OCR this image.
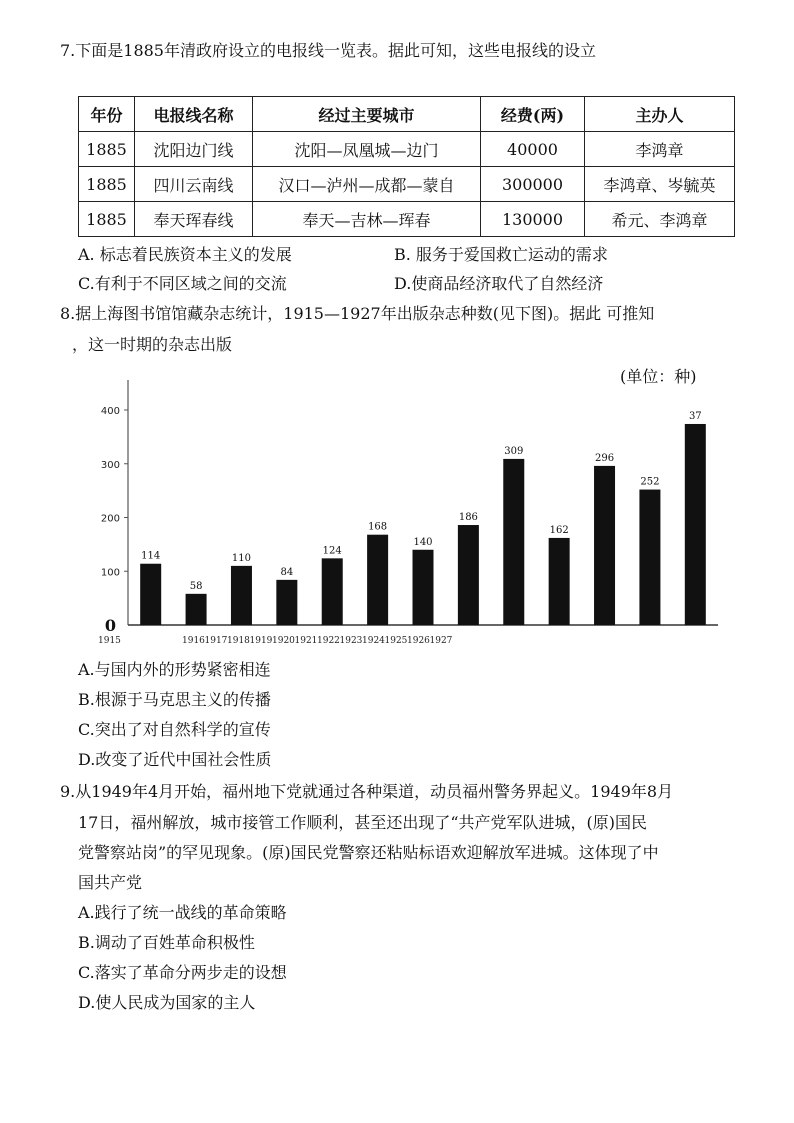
7.下面是1885年清政府设立的电报线一览表。据此可知，这些电报线的设立
年份	电报线名称	经过主要城市	经费(两)	主办人
1885	沈阳边门线	沈阳—凤凰城—边门	40000	李鸿章
1885	四川云南线	汉口—泸州—成都—蒙自	300000	李鸿章、岑毓英
1885	奉天珲春线	奉天—吉林—珲春	130000	希元、李鸿章
A. 标志着民族资本主义的发展	B. 服务于爱国救亡运动的需求
C.有利于不同区域之间的交流	D.使商品经济取代了自然经济
8.据上海图书馆馆藏杂志统计，1915—1927年出版杂志种数(见下图)。据此 可推知
，这一时期的杂志出版
(单位：种)
0
100
200
300
400
114
58
110
84
124
168
140
186
309
162
296
252
37
1915	1916 1917 1918 1919 1920 1921 1922 1923 1924 1925 1926 1927
A.与国内外的形势紧密相连
B.根源于马克思主义的传播
C.突出了对自然科学的宣传
D.改变了近代中国社会性质
9.从1949年4月开始，福州地下党就通过各种渠道，动员福州警务界起义。1949年8月
17日，福州解放，城市接管工作顺利，甚至还出现了“共产党军队进城，(原)国民
党警察站岗”的罕见现象。(原)国民党警察还粘贴标语欢迎解放军进城。这体现了中
国共产党
A.践行了统一战线的革命策略
B.调动了百姓革命积极性
C.落实了革命分两步走的设想
D.使人民成为国家的主人
